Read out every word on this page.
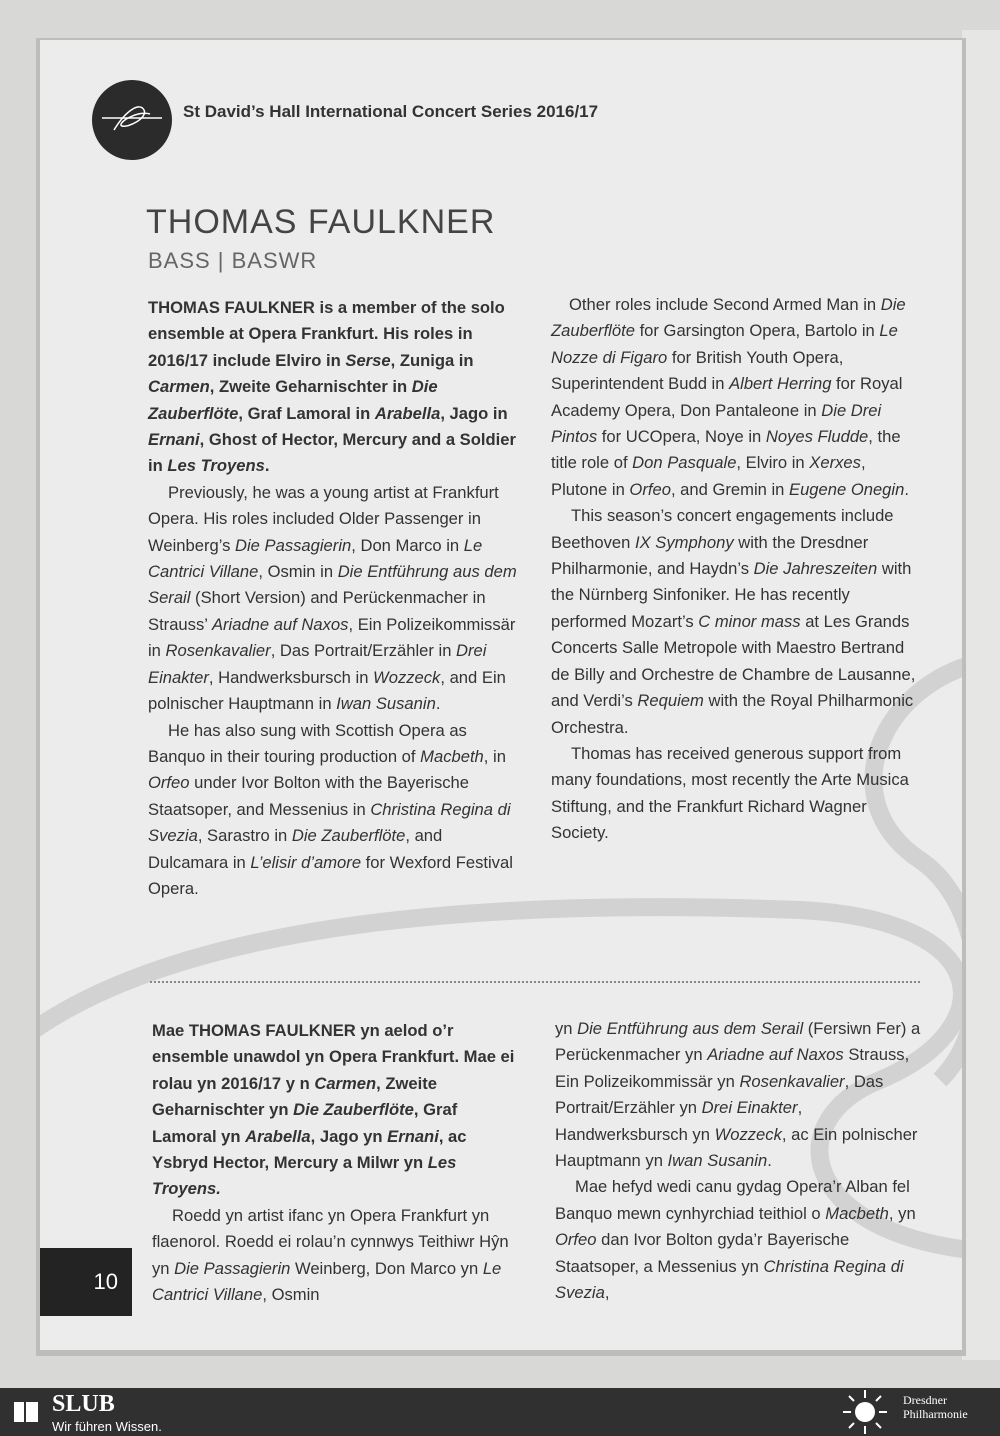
St David’s Hall International Concert Series 2016/17
THOMAS FAULKNER
BASS | BASWR

THOMAS FAULKNER is a member of the solo ensemble at Opera Frankfurt. His roles in 2016/17 include Elviro in Serse, Zuniga in Carmen, Zweite Geharnischter in Die Zauberflöte, Graf Lamoral in Arabella, Jago in Ernani, Ghost of Hector, Mercury and a Soldier in Les Troyens.

Previously, he was a young artist at Frankfurt Opera. His roles included Older Passenger in Weinberg’s Die Passagierin, Don Marco in Le Cantrici Villane, Osmin in Die Entführung aus dem Serail (Short Version) and Perückenmacher in Strauss’ Ariadne auf Naxos, Ein Polizeikommissär in Rosenkavalier, Das Portrait/Erzähler in Drei Einakter, Handwerksbursch in Wozzeck, and Ein polnischer Hauptmann in Iwan Susanin.

He has also sung with Scottish Opera as Banquo in their touring production of Macbeth, in Orfeo under Ivor Bolton with the Bayerische Staatsoper, and Messenius in Christina Regina di Svezia, Sarastro in Die Zauberflöte, and Dulcamara in L’elisir d’amore for Wexford Festival Opera.

Other roles include Second Armed Man in Die Zauberflöte for Garsington Opera, Bartolo in Le Nozze di Figaro for British Youth Opera, Superintendent Budd in Albert Herring for Royal Academy Opera, Don Pantaleone in Die Drei Pintos for UCOpera, Noye in Noyes Fludde, the title role of Don Pasquale, Elviro in Xerxes, Plutone in Orfeo, and Gremin in Eugene Onegin.

This season’s concert engagements include Beethoven IX Symphony with the Dresdner Philharmonie, and Haydn’s Die Jahreszeiten with the Nürnberg Sinfoniker. He has recently performed Mozart’s C minor mass at Les Grands Concerts Salle Metropole with Maestro Bertrand de Billy and Orchestre de Chambre de Lausanne, and Verdi’s Requiem with the Royal Philharmonic Orchestra.

Thomas has received generous support from many foundations, most recently the Arte Musica Stiftung, and the Frankfurt Richard Wagner Society.

Mae THOMAS FAULKNER yn aelod o’r ensemble unawdol yn Opera Frankfurt. Mae ei rolau yn 2016/17 y n Carmen, Zweite Geharnischter yn Die Zauberflöte, Graf Lamoral yn Arabella, Jago yn Ernani, ac Ysbryd Hector, Mercury a Milwr yn Les Troyens.

Roedd yn artist ifanc yn Opera Frankfurt yn flaenorol. Roedd ei rolau’n cynnwys Teithiwr Hŷn yn Die Passagierin Weinberg, Don Marco yn Le Cantrici Villane, Osmin

yn Die Entführung aus dem Serail (Fersiwn Fer) a Perückenmacher yn Ariadne auf Naxos Strauss, Ein Polizeikommissär yn Rosenkavalier, Das Portrait/Erzähler yn Drei Einakter, Handwerksbursch yn Wozzeck, ac Ein polnischer Hauptmann yn Iwan Susanin.

Mae hefyd wedi canu gydag Opera’r Alban fel Banquo mewn cynhyrchiad teithiol o Macbeth, yn Orfeo dan Ivor Bolton gyda’r Bayerische Staatsoper, a Messenius yn Christina Regina di Svezia,

10
SLUB
Wir führen Wissen.
Dresdner
Philharmonie
